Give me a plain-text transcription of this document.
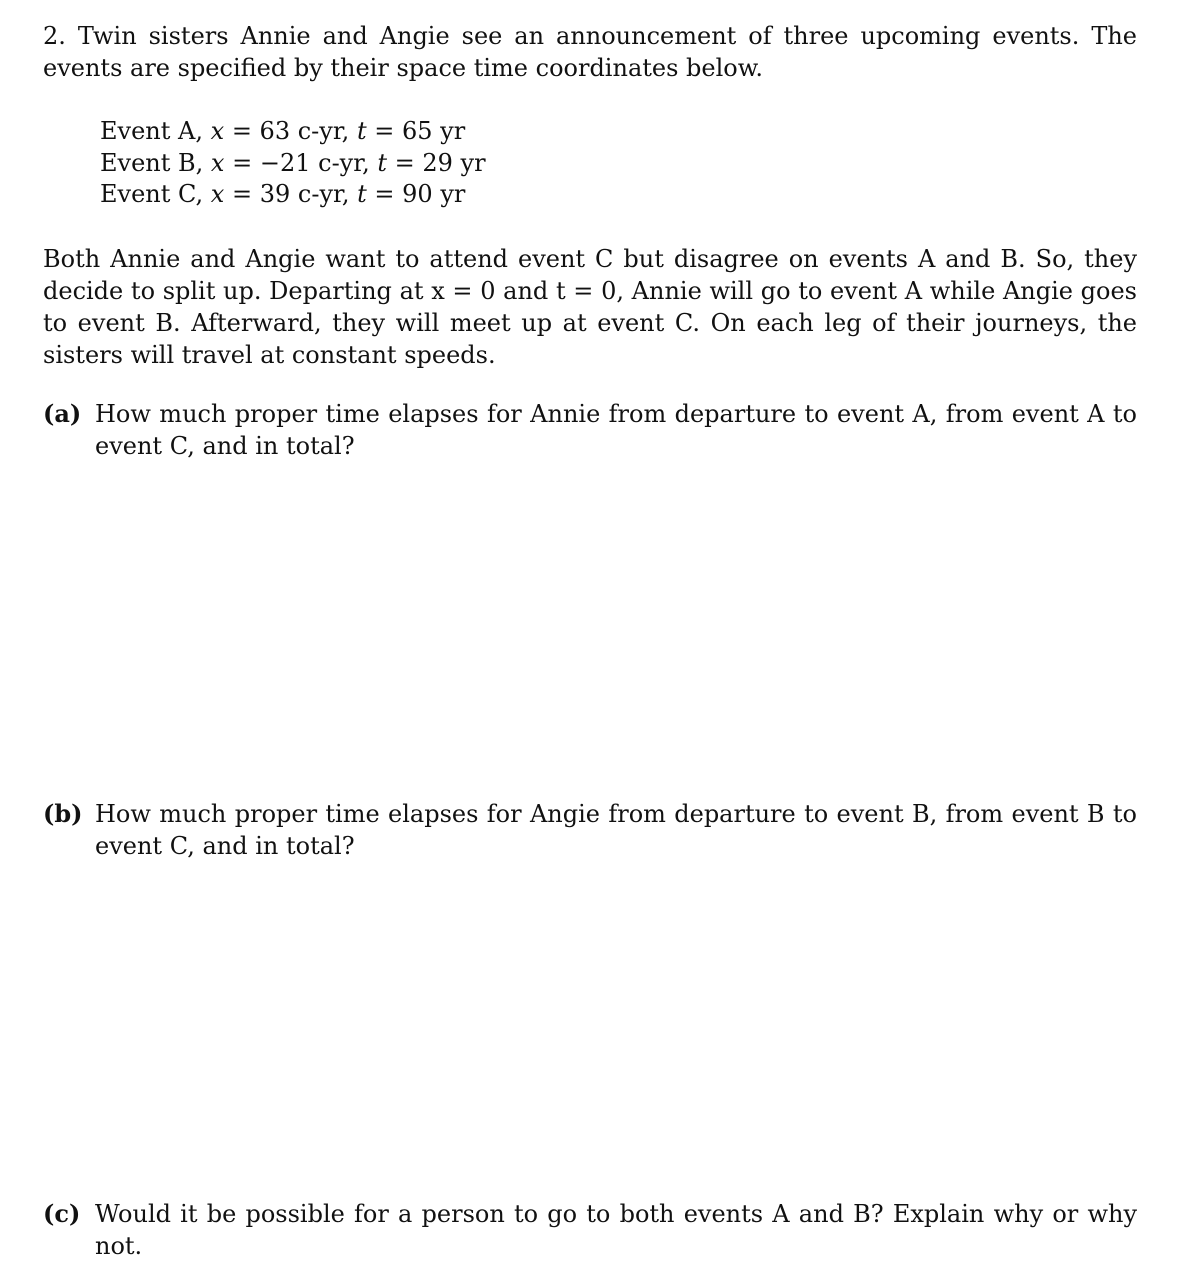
2. Twin sisters Annie and Angie see an announcement of three upcoming events. The events are specified by their space time coordinates below.

Event A, x = 63 c-yr, t = 65 yr
Event B, x = −21 c-yr, t = 29 yr
Event C, x = 39 c-yr, t = 90 yr

Both Annie and Angie want to attend event C but disagree on events A and B. So, they decide to split up. Departing at x = 0 and t = 0, Annie will go to event A while Angie goes to event B. Afterward, they will meet up at event C. On each leg of their journeys, the sisters will travel at constant speeds.

(a) How much proper time elapses for Annie from departure to event A, from event A to event C, and in total?

(b) How much proper time elapses for Angie from departure to event B, from event B to event C, and in total?

(c) Would it be possible for a person to go to both events A and B? Explain why or why not.
